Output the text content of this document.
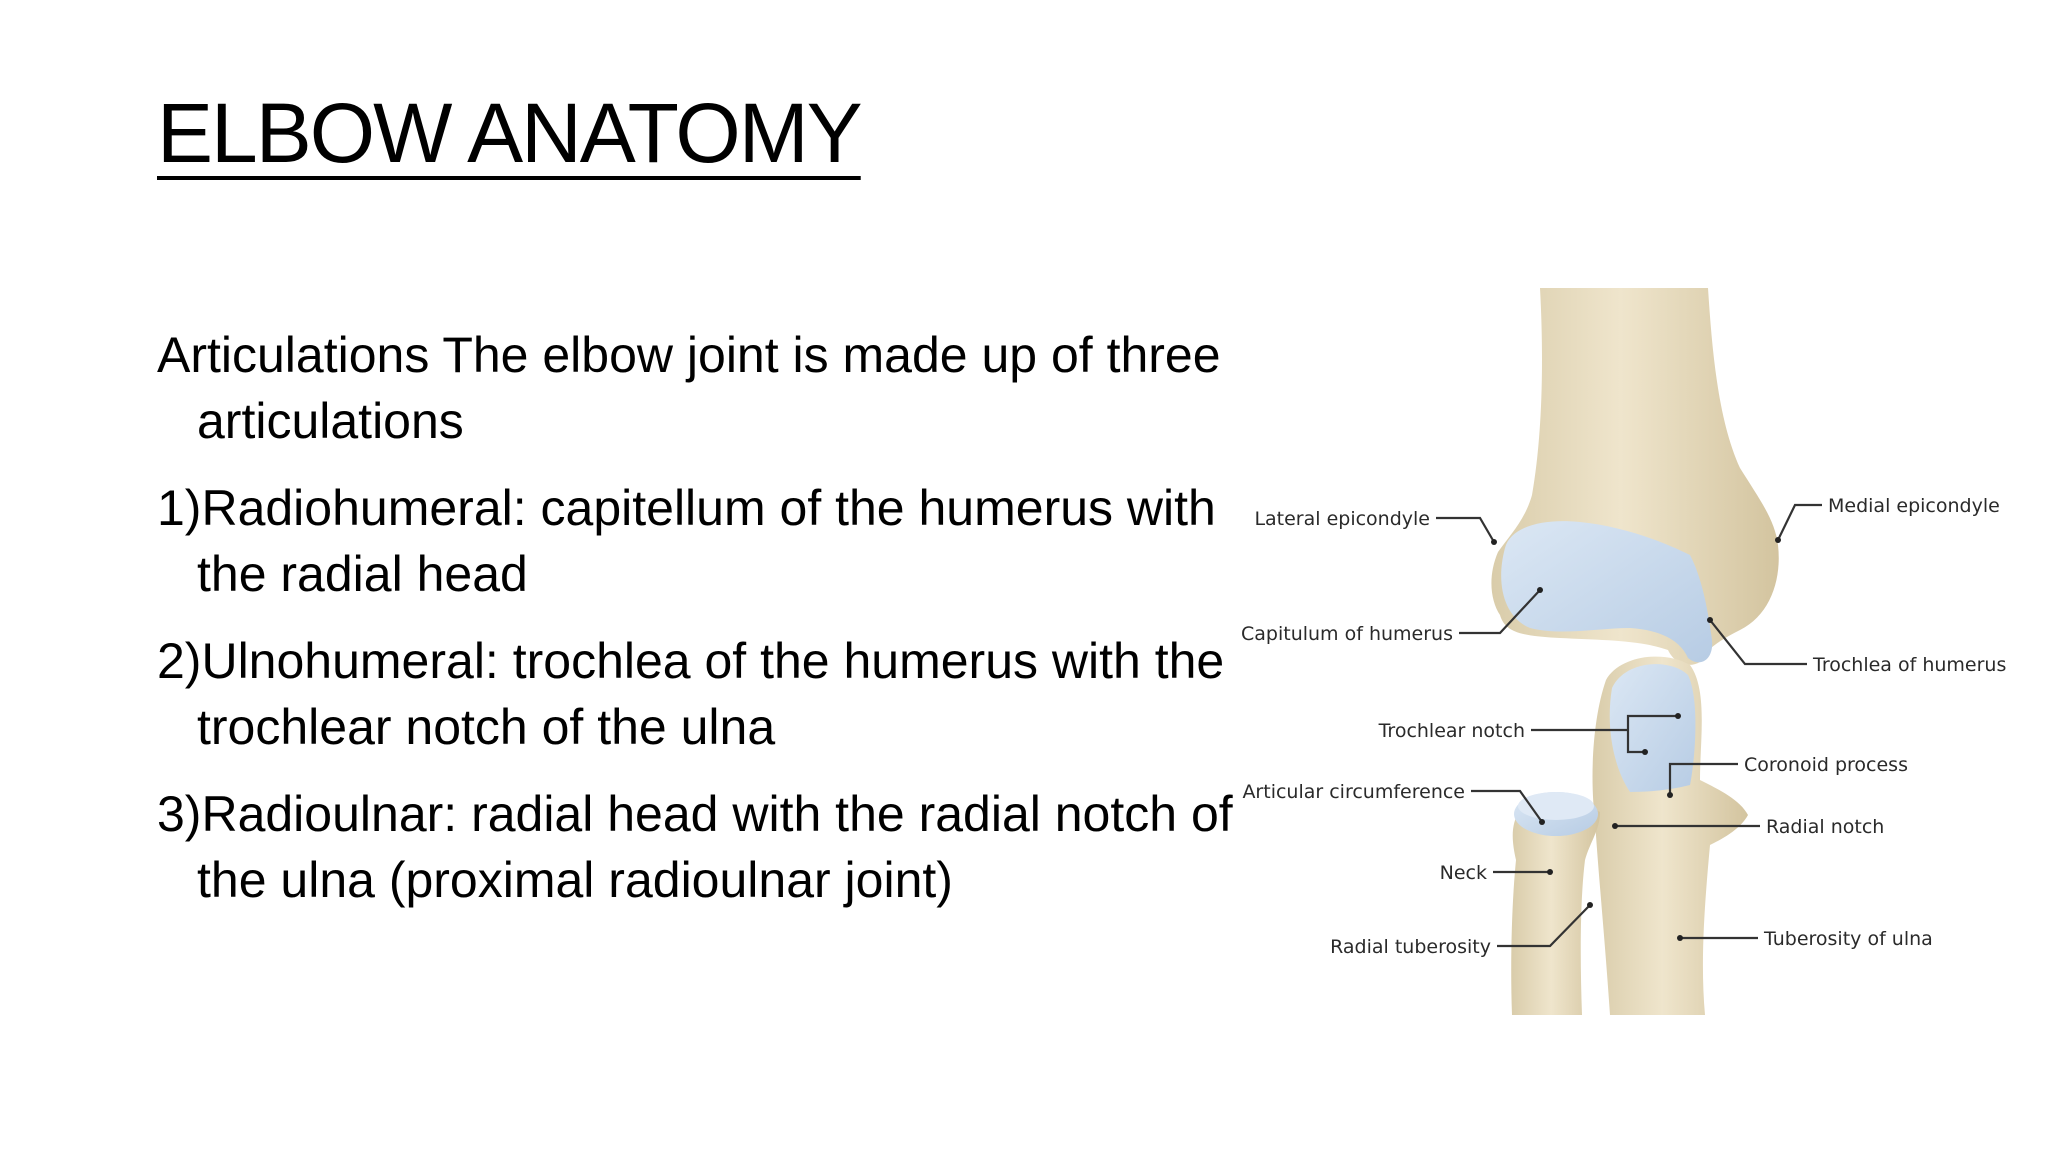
ELBOW ANATOMY

Articulations The elbow joint is made up of three articulations

1)Radiohumeral: capitellum of the humerus with the radial head

2)Ulnohumeral: trochlea of the humerus with the trochlear notch of the ulna

3)Radioulnar: radial head with the radial notch of the ulna (proximal radioulnar joint)

Lateral epicondyle
Medial epicondyle
Capitulum of humerus
Trochlea of humerus
Trochlear notch
Coronoid process
Articular circumference
Radial notch
Neck
Radial tuberosity	Tuberosity of ulna
